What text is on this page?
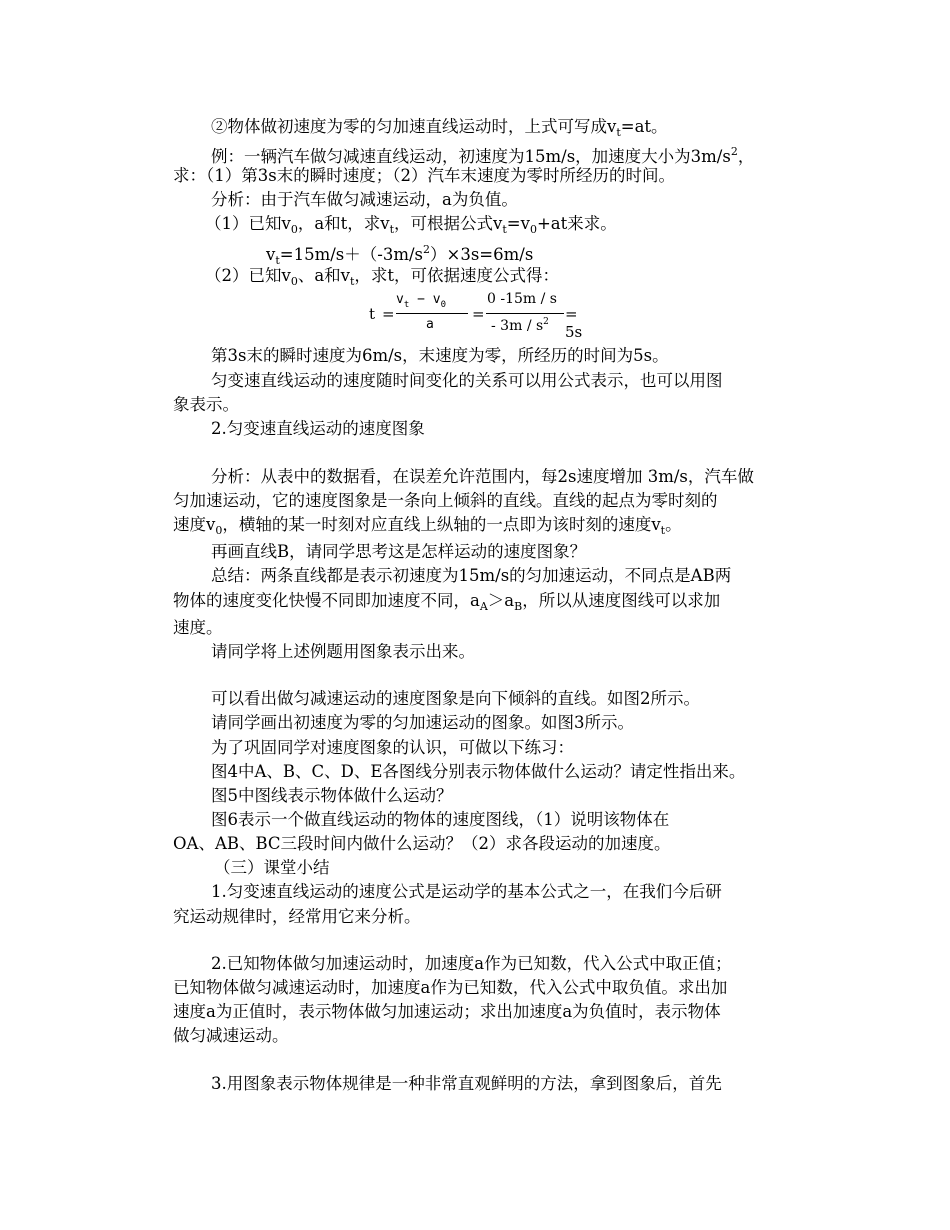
②物体做初速度为零的匀加速直线运动时，上式可写成$v_t=at$。
例：一辆汽车做匀减速直线运动，初速度为15m/s，加速度大小为$3m/s^2$，
求：（1）第3s末的瞬时速度；（2）汽车末速度为零时所经历的时间。
分析：由于汽车做匀减速运动，a为负值。
（1）已知$v_0$，a和t，求$v_t$，可根据公式$v_t=v_0+at$来求。
$v_t=15m/s+(-3m/s^2)\times 3s=6m/s$
（2）已知$v_0$、a和$v_t$，求t，可依据速度公式得：
t =
$v_t - v_0$
a
=
0 -15m / s
- $3m / s^2 = 5s$
第3s末的瞬时速度为6m/s，末速度为零，所经历的时间为5s。
匀变速直线运动的速度随时间变化的关系可以用公式表示，也可以用图
象表示。
2.匀变速直线运动的速度图象
分析：从表中的数据看，在误差允许范围内，每2s速度增加 3m/s，汽车做
匀加速运动，它的速度图象是一条向上倾斜的直线。直线的起点为零时刻的
速度$v_0$，横轴的某一时刻对应直线上纵轴的一点即为该时刻的速度$v_t$。
再画直线B，请同学思考这是怎样运动的速度图象？
总结：两条直线都是表示初速度为15m/s的匀加速运动，不同点是AB两
物体的速度变化快慢不同即加速度不同，$a_A>a_B$，所以从速度图线可以求加
速度。
请同学将上述例题用图象表示出来。
可以看出做匀减速运动的速度图象是向下倾斜的直线。如图2所示。
请同学画出初速度为零的匀加速运动的图象。如图3所示。
为了巩固同学对速度图象的认识，可做以下练习：
图4中A、B、C、D、E各图线分别表示物体做什么运动？请定性指出来。
图5中图线表示物体做什么运动？
图6表示一个做直线运动的物体的速度图线，（1）说明该物体在
OA、AB、BC三段时间内做什么运动？（2）求各段运动的加速度。
（三）课堂小结
1.匀变速直线运动的速度公式是运动学的基本公式之一，在我们今后研
究运动规律时，经常用它来分析。
2.已知物体做匀加速运动时，加速度a作为已知数，代入公式中取正值；
已知物体做匀减速运动时，加速度a作为已知数，代入公式中取负值。求出加
速度a为正值时，表示物体做匀加速运动；求出加速度a为负值时，表示物体
做匀减速运动。
3.用图象表示物体规律是一种非常直观鲜明的方法，拿到图象后，首先
